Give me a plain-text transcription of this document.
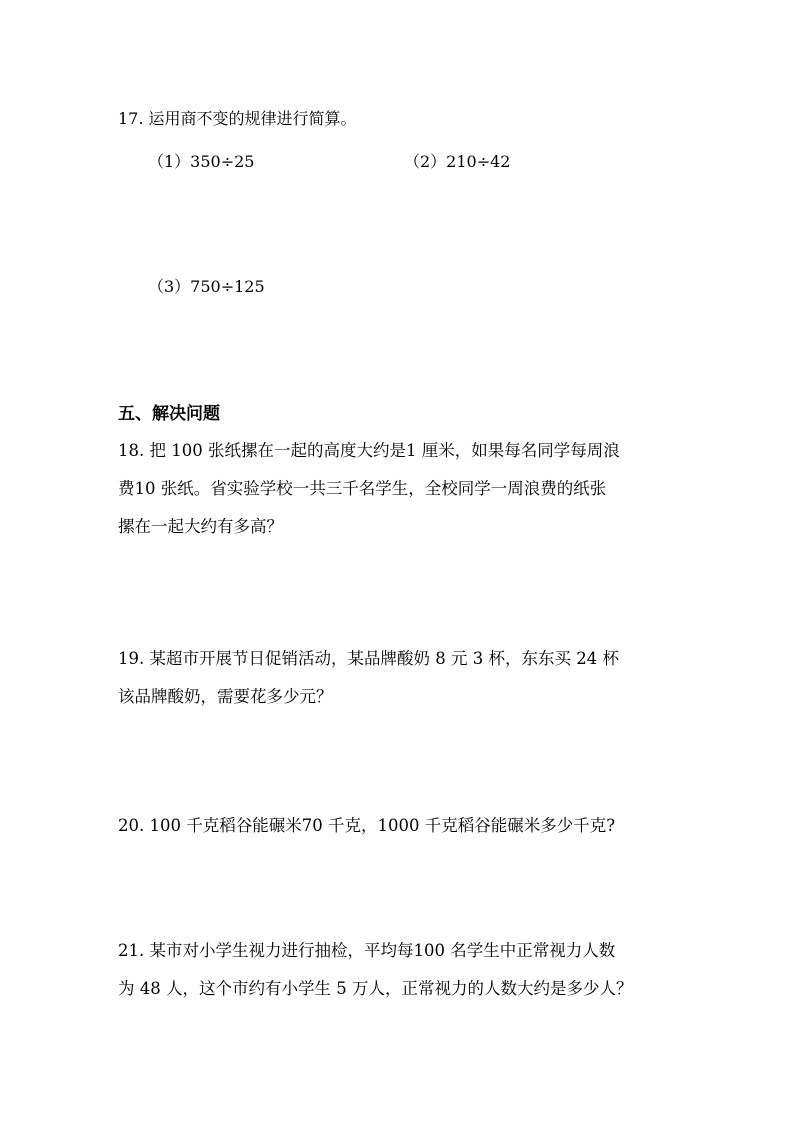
17. 运用商不变的规律进行简算。
（1）350÷25	（2）210÷42
（3）750÷125
五、解决问题
18. 把 100 张纸摞在一起的高度大约是1 厘米，如果每名同学每周浪
费10 张纸。省实验学校一共三千名学生，全校同学一周浪费的纸张
摞在一起大约有多高？
19. 某超市开展节日促销活动，某品牌酸奶 8 元 3 杯，东东买 24 杯
该品牌酸奶，需要花多少元？
20. 100 千克稻谷能碾米70 千克，1000 千克稻谷能碾米多少千克?
21. 某市对小学生视力进行抽检，平均每100 名学生中正常视力人数
为 48 人，这个市约有小学生 5 万人，正常视力的人数大约是多少人？
